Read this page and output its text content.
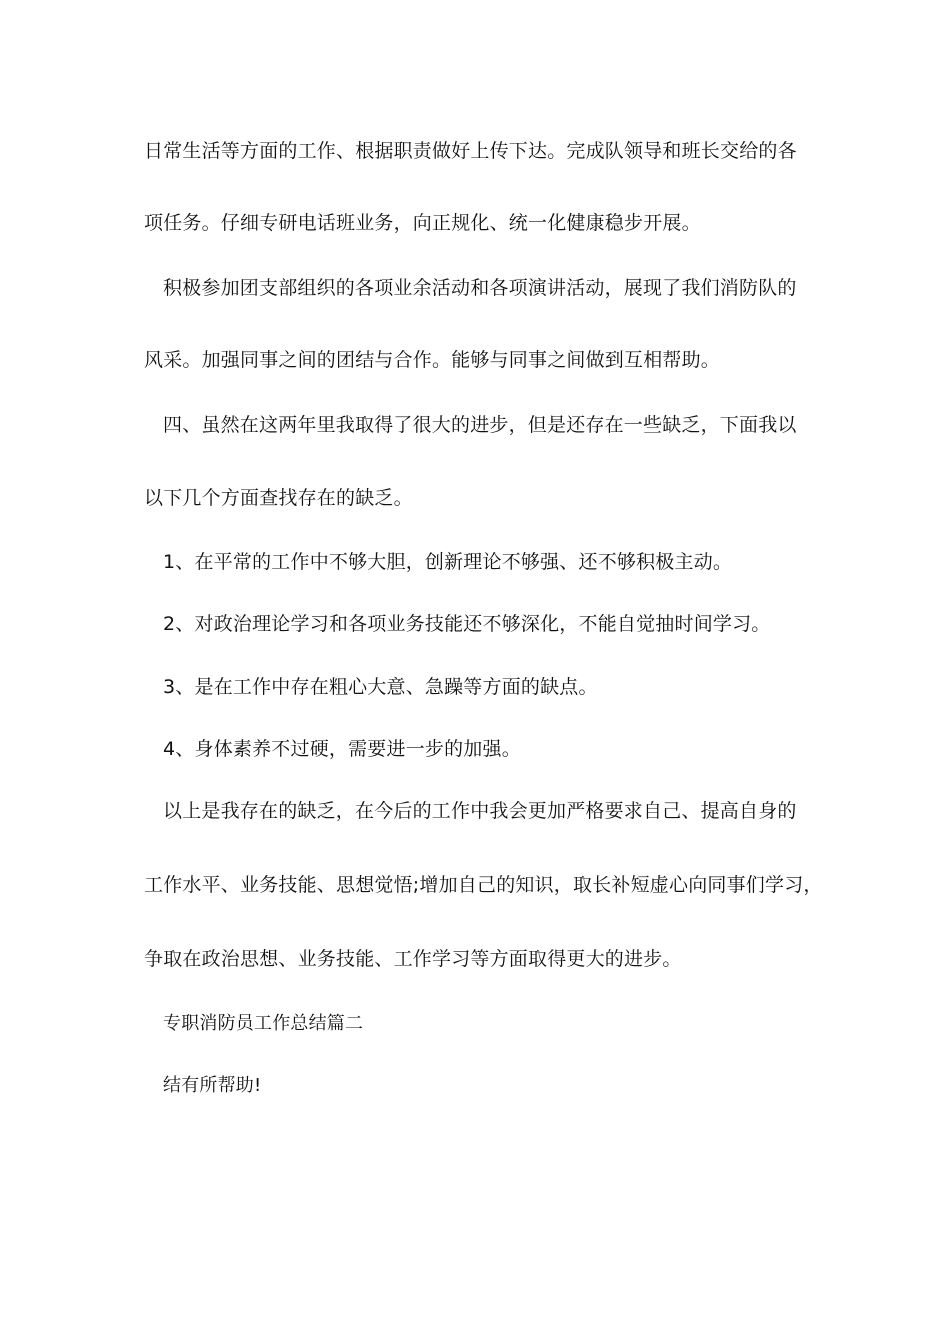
日常生活等方面的工作、根据职责做好上传下达。完成队领导和班长交给的各
项任务。仔细专研电话班业务，向正规化、统一化健康稳步开展。
积极参加团支部组织的各项业余活动和各项演讲活动，展现了我们消防队的
风采。加强同事之间的团结与合作。能够与同事之间做到互相帮助。
四、虽然在这两年里我取得了很大的进步，但是还存在一些缺乏，下面我以
以下几个方面查找存在的缺乏。
1、在平常的工作中不够大胆，创新理论不够强、还不够积极主动。
2、对政治理论学习和各项业务技能还不够深化，不能自觉抽时间学习。
3、是在工作中存在粗心大意、急躁等方面的缺点。
4、身体素养不过硬，需要进一步的加强。
以上是我存在的缺乏，在今后的工作中我会更加严格要求自己、提高自身的
工作水平、业务技能、思想觉悟;增加自己的知识，取长补短虚心向同事们学习，
争取在政治思想、业务技能、工作学习等方面取得更大的进步。
专职消防员工作总结篇二
结有所帮助!
